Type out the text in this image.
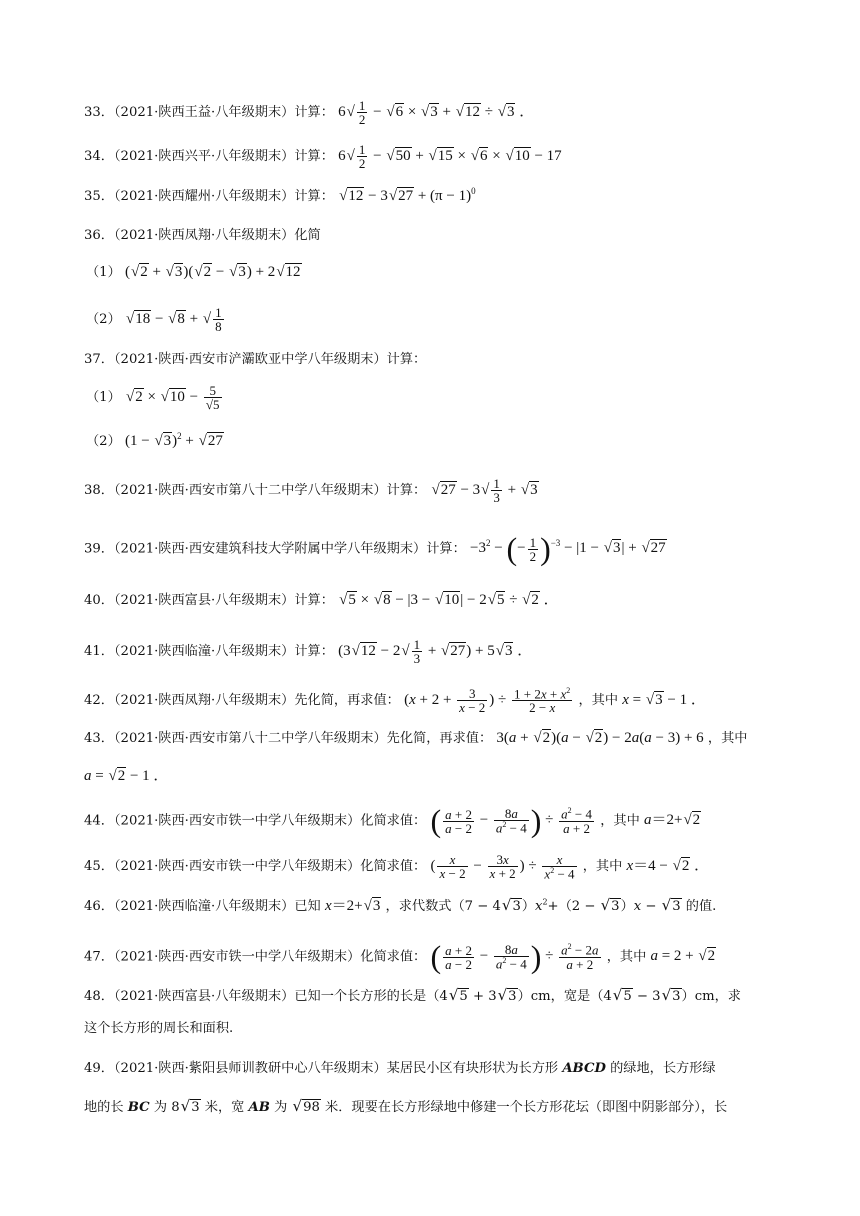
33．（2021·陕西王益·八年级期末）计算： $6√ \frac{1}{2} - √6 \times √3 + √12 \div √3$ ．
34．（2021·陕西兴平·八年级期末）计算： $6√ \frac{1}{2} - √50 + √15 \times √6 \times √10 - 17$
35．（2021·陕西耀州·八年级期末）计算： $√12 - 3√27 + (\pi - 1)^0$
36．（2021·陕西凤翔·八年级期末）化简
（1） (√2 + √3)(√2 − √3) + 2√12
（2） √18 − √8 + √ $\frac{1}{8}$
37．（2021·陕西·西安市浐灞欧亚中学八年级期末）计算：
（1） $√2 \times √10 - \frac{5}{√5}$
（2） $(1 - √3)^2 + √27$
38．（2021·陕西·西安市第八十二中学八年级期末）计算： $√27 - 3√ \frac{1}{3} + √3$
39．（2021·陕西·西安建筑科技大学附属中学八年级期末）计算： $-3^2$ − (− $\frac{1}{2} )^{-3} - |1 - √3| + √27$
40．（2021·陕西富县·八年级期末）计算： √5 × √8 − |3 − √10| − 2√5 ÷ √2 ．
41．（2021·陕西临潼·八年级期末）计算： $(3√12 - 2√ \frac{1}{3} + √27) + 5√3$ ．
42．（2021·陕西凤翔·八年级期末）先化简，再求值： ($x + 2 + \frac{3}{x - 2}$ ) ÷ $\frac{1 + 2x + x^2}{2 - x}$ ，其中 x = √3 − 1 ．
43．（2021·陕西·西安市第八十二中学八年级期末）先化简，再求值： 3(a + √2)(a − √2) − 2a(a − 3) + 6 ，其中
a = √2 − 1 ．
44．（2021·陕西·西安市铁一中学八年级期末）化简求值： ( $\frac{a + 2}{a - 2} - \frac{8a}{a^2 - 4}$ ) ÷ $\frac{a^2 - 4}{a + 2}$ ，其中 a＝2+√2
45．（2021·陕西·西安市铁一中学八年级期末）化简求值： ( $\frac{x}{x - 2} - \frac{3x}{x + 2}$ ) ÷ $\frac{x}{x^2 - 4}$ ，其中 x＝4 − √2 ．
46．（2021·陕西临潼·八年级期末）已知 x＝2+√3 ，求代数式$(7 - 4√3)x^2+(2 - √3)x - √3$ 的值.
47．（2021·陕西·西安市铁一中学八年级期末）化简求值： ( $\frac{a + 2}{a - 2} - \frac{8a}{a^2 - 4}$ ) ÷ $\frac{a^2 - 2a}{a + 2}$ ，其中 a = 2 + √2
48．（2021·陕西富县·八年级期末）已知一个长方形的长是（4√5 + 3√3）cm，宽是（4√5 − 3√3）cm，求
这个长方形的周长和面积.
49．（2021·陕西·紫阳县师训教研中心八年级期末）某居民小区有块形状为长方形 ABCD 的绿地，长方形绿
地的长 BC 为 8√3 米，宽 AB 为 √98 米．现要在长方形绿地中修建一个长方形花坛（即图中阴影部分），长
